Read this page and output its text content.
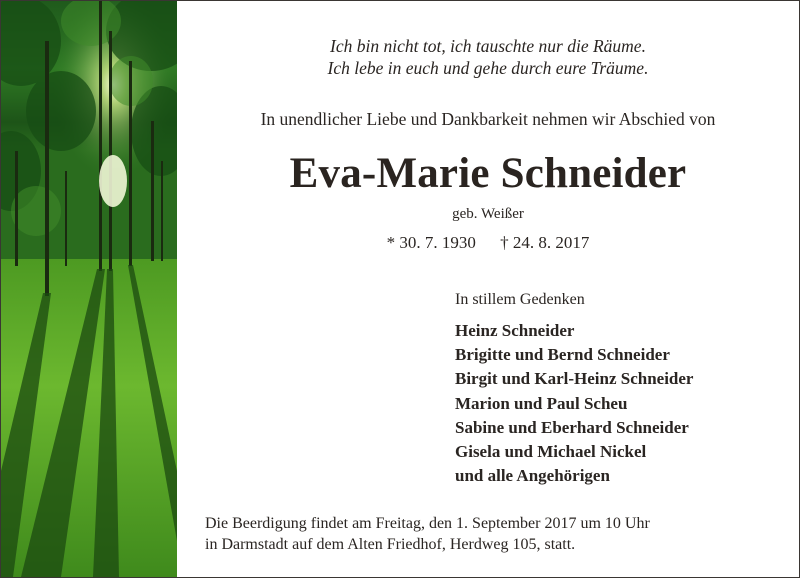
Ich bin nicht tot, ich tauschte nur die Räume.
Ich lebe in euch und gehe durch eure Träume.
In unendlicher Liebe und Dankbarkeit nehmen wir Abschied von
Eva-Marie Schneider
geb. Weißer
* 30. 7. 1930 † 24. 8. 2017
In stillem Gedenken
Heinz Schneider
Brigitte und Bernd Schneider
Birgit und Karl-Heinz Schneider
Marion und Paul Scheu
Sabine und Eberhard Schneider
Gisela und Michael Nickel
und alle Angehörigen
Die Beerdigung findet am Freitag, den 1. September 2017 um 10 Uhr
in Darmstadt auf dem Alten Friedhof, Herdweg 105, statt.
